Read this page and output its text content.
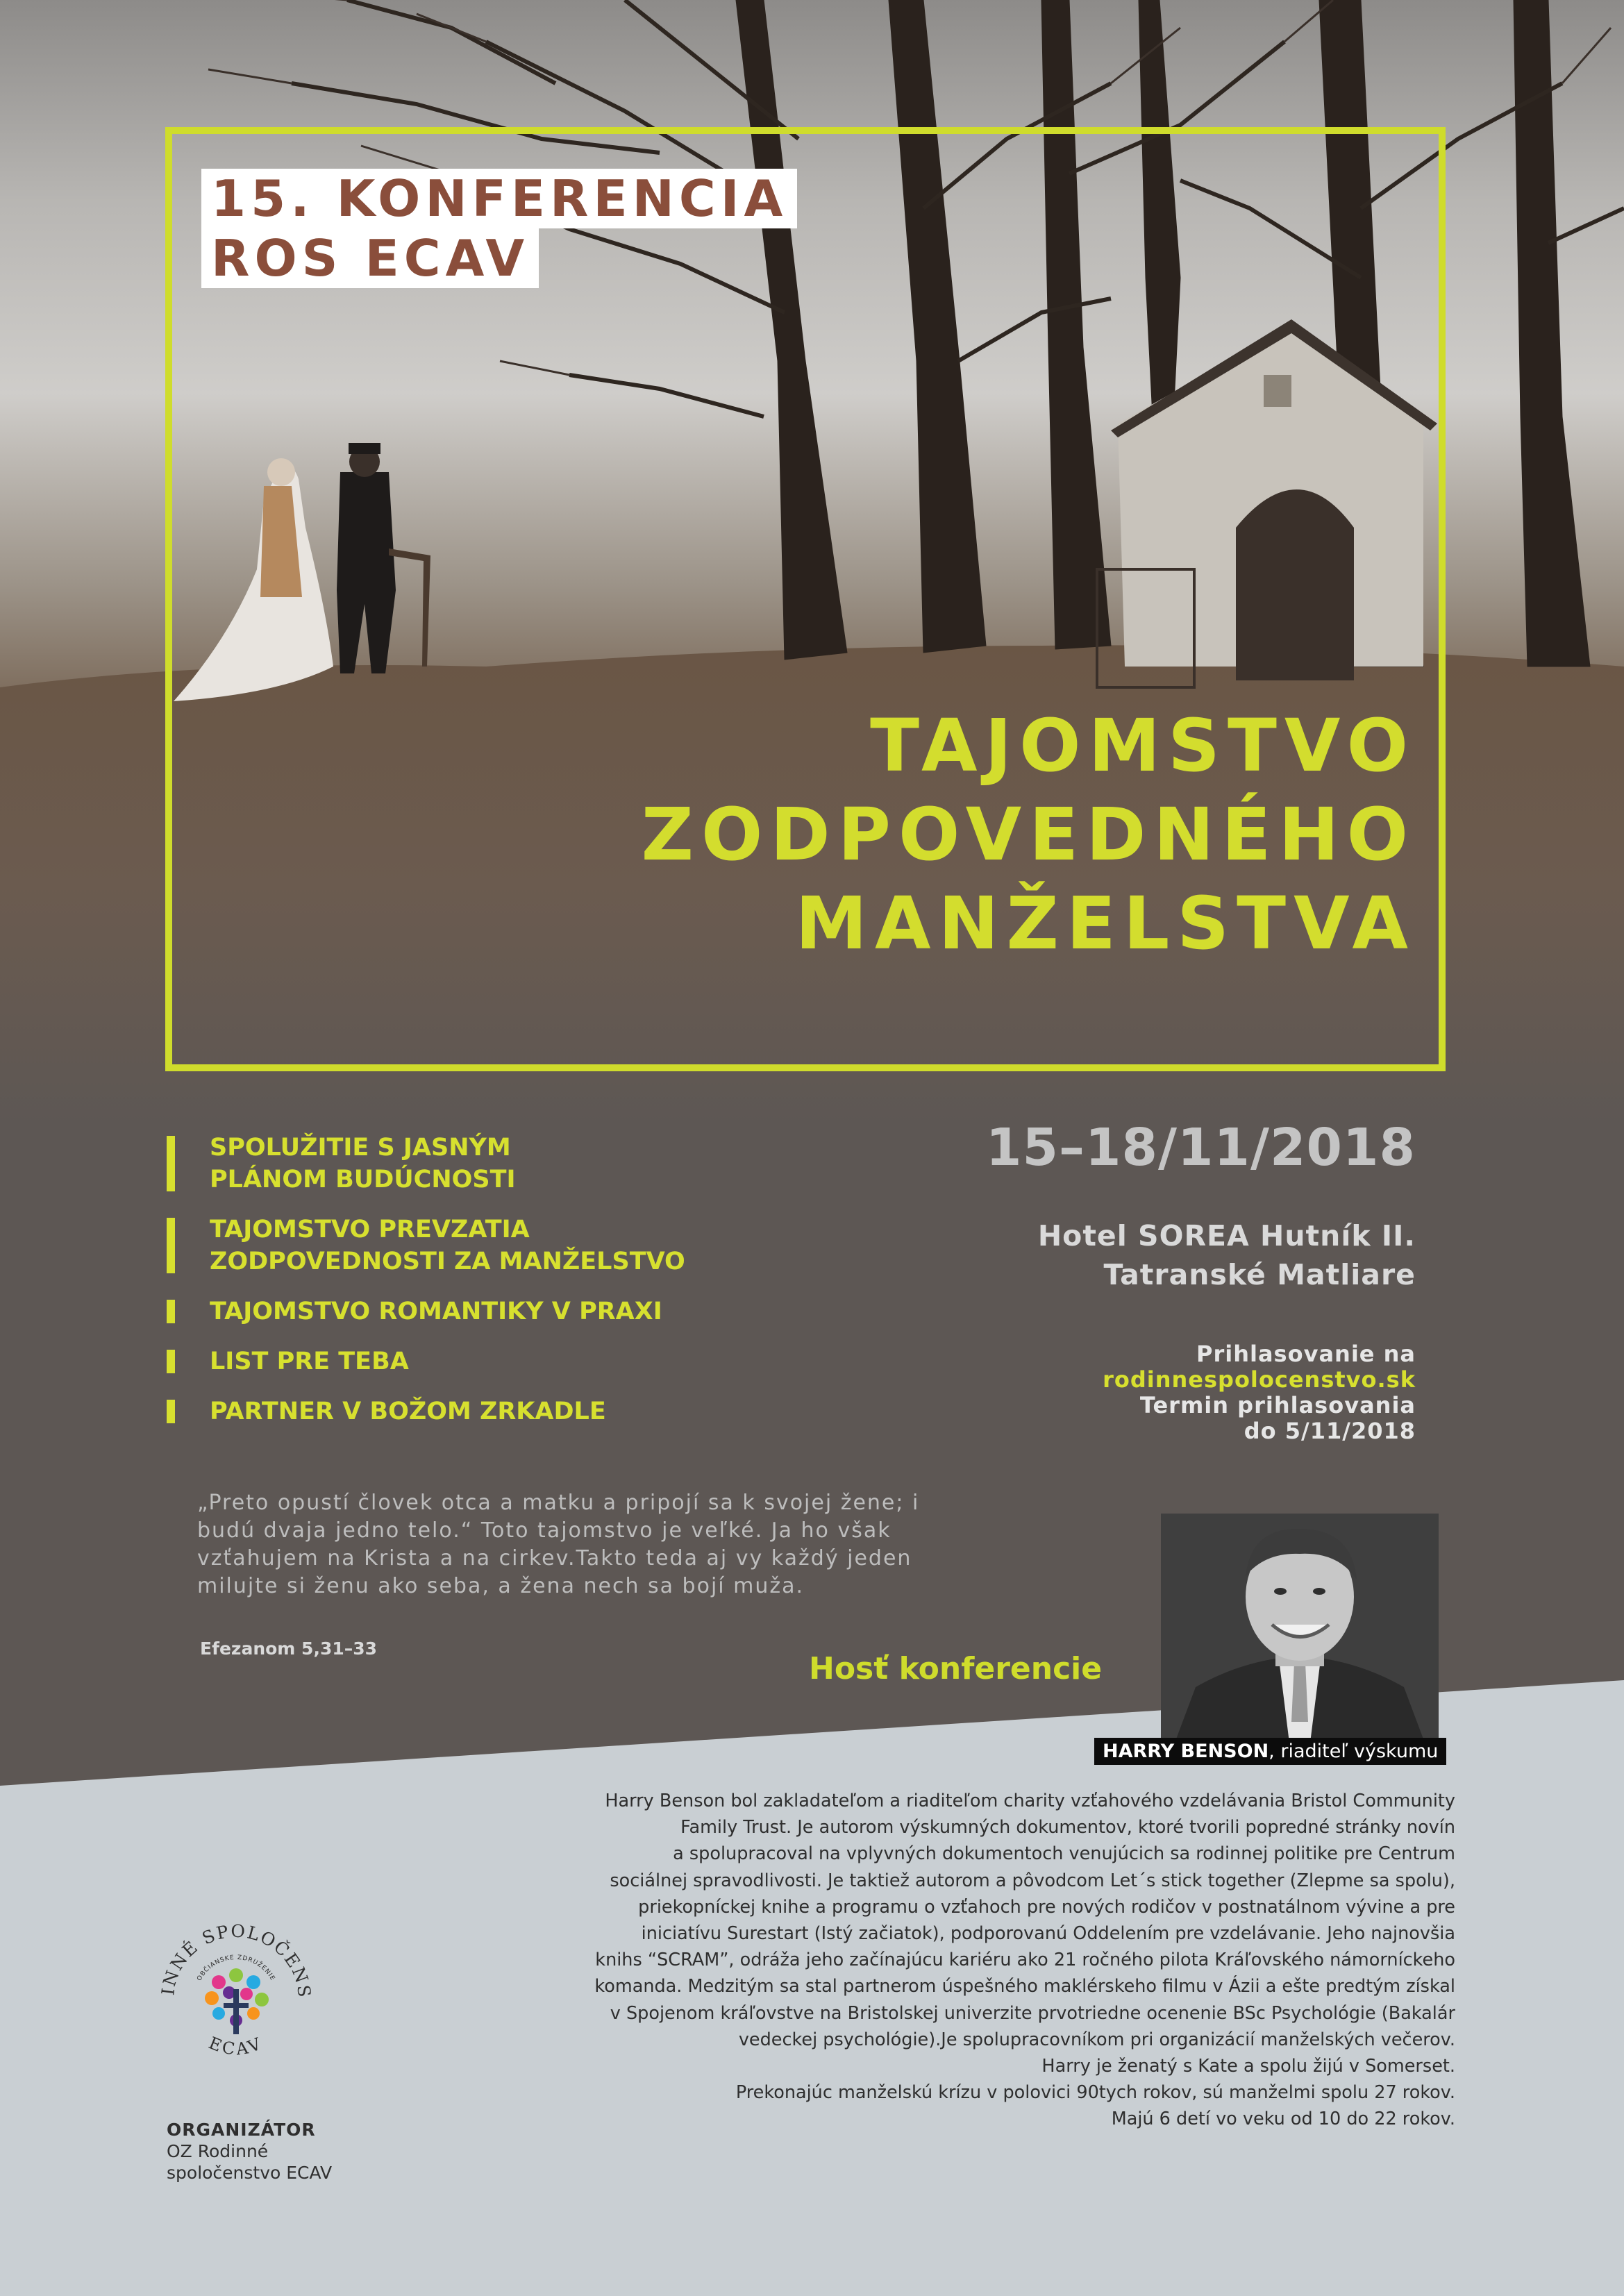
15. KONFERENCIA
ROS ECAV
TAJOMSTVO
ZODPOVEDNÉHO
MANŽELSTVA
SPOLUŽITIE S JASNÝM
PLÁNOM BUDÚCNOSTI
TAJOMSTVO PREVZATIA
ZODPOVEDNOSTI ZA MANŽELSTVO
TAJOMSTVO ROMANTIKY V PRAXI
LIST PRE TEBA
PARTNER V BOŽOM ZRKADLE
15–18/11/2018
Hotel SOREA Hutník II.
Tatranské Matliare
Prihlasovanie na
rodinnespolocenstvo.sk
Termin prihlasovania
do 5/11/2018
„Preto opustí človek otca a matku a pripojí sa k svojej žene; i budú dvaja jedno telo.“ Toto tajomstvo je veľké. Ja ho však vzťahujem na Krista a na cirkev.Takto teda aj vy každý jeden milujte si ženu ako seba, a žena nech sa bojí muža.
Efezanom 5,31–33
Hosť konferencie
HARRY BENSON, riaditeľ výskumu
Harry Benson bol zakladateľom a riaditeľom charity vzťahového vzdelávania Bristol Community
Family Trust. Je autorom výskumných dokumentov, ktoré tvorili popredné stránky novín
a spolupracoval na vplyvných dokumentoch venujúcich sa rodinnej politike pre Centrum
sociálnej spravodlivosti. Je taktiež autorom a pôvodcom Let´s stick together (Zlepme sa spolu),
priekopníckej knihe a programu o vzťahoch pre nových rodičov v postnatálnom vývine a pre
iniciatívu Surestart (Istý začiatok), podporovanú Oddelením pre vzdelávanie. Jeho najnovšia
knihs “SCRAM”, odráža jeho začínajúcu kariéru ako 21 ročného pilota Kráľovského námorníckeho
komanda. Medzitým sa stal partnerom úspešného maklérskeho filmu v Ázii a ešte predtým získal
v Spojenom kráľovstve na Bristolskej univerzite prvotriedne ocenenie BSc Psychológie (Bakalár
vedeckej psychológie).Je spolupracovníkom pri organizácií manželských večerov.
Harry je ženatý s Kate a spolu žijú v Somerset.
Prekonajúc manželskú krízu v polovici 90tych rokov, sú manželmi spolu 27 rokov.
Majú 6 detí vo veku od 10 do 22 rokov.
INNÉ SPOLOČENS
OBČIANSKE ZDRUŽENIE
ECAV
ORGANIZÁTOR
OZ Rodinné
spoločenstvo ECAV
